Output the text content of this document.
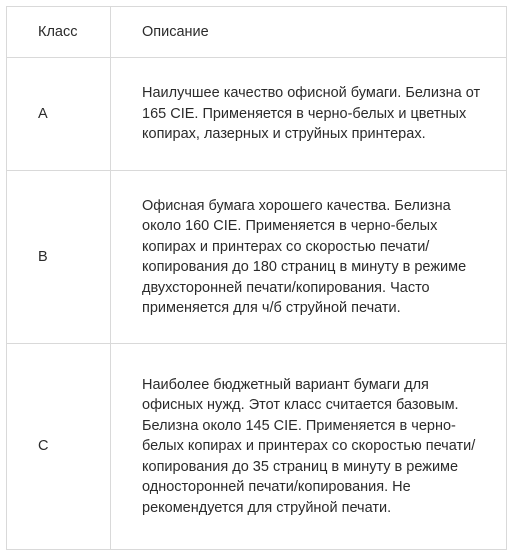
Класс	Описание
A	Наилучшее качество офисной бумаги. Белизна от 165 CIE. Применяется в черно-белых и цветных копирах, лазерных и струйных принтерах.
B	Офисная бумага хорошего качества. Белизна около 160 CIE. Применяется в черно-белых копирах и принтерах со скоростью печати/копирования до 180 страниц в минуту в режиме двухсторонней печати/копирования. Часто применяется для ч/б струйной печати.
C	Наиболее бюджетный вариант бумаги для офисных нужд. Этот класс считается базовым. Белизна около 145 CIE. Применяется в черно-белых копирах и принтерах со скоростью печати/копирования до 35 страниц в минуту в режиме односторонней печати/копирования. Не рекомендуется для струйной печати.
